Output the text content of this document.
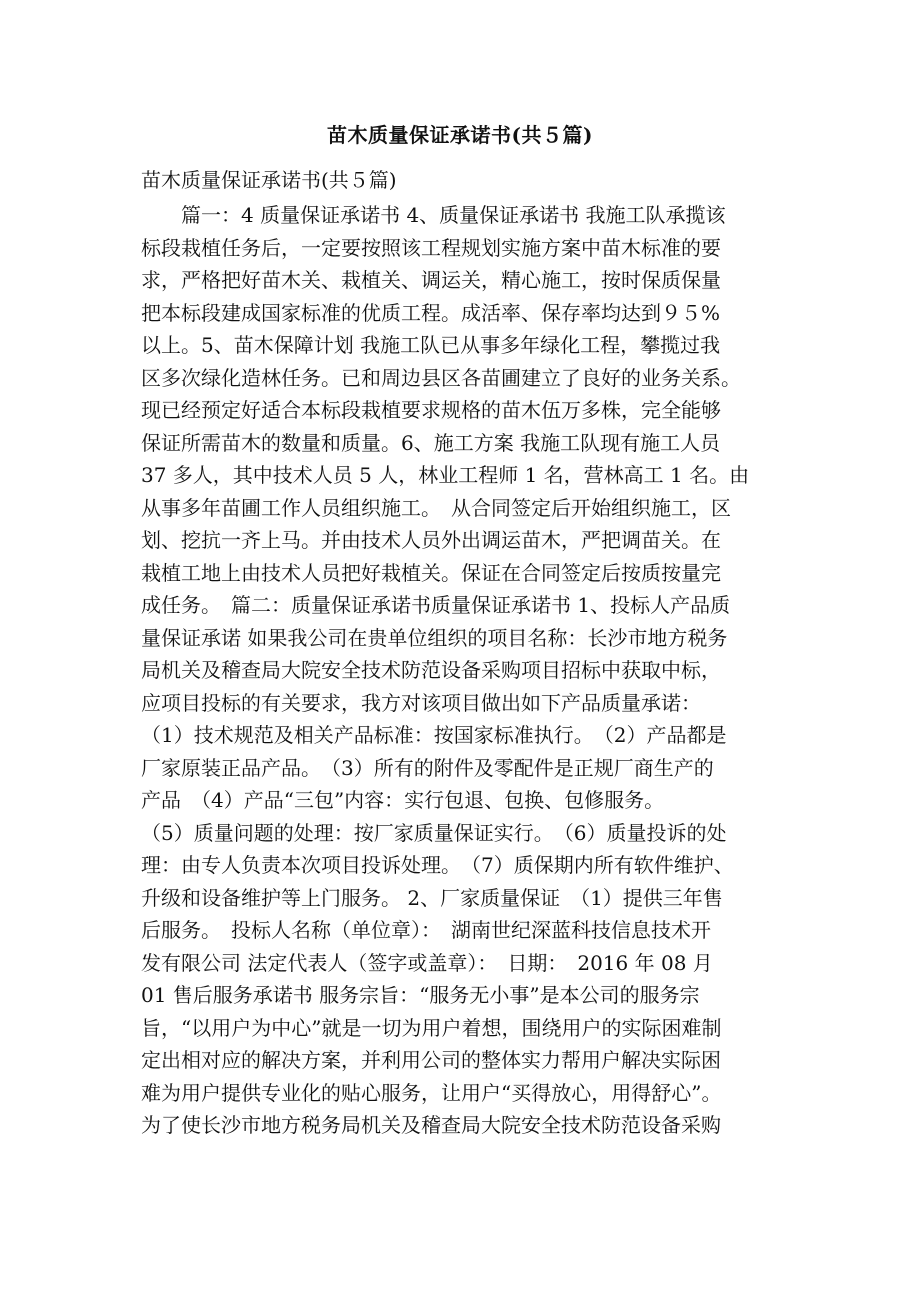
苗木质量保证承诺书(共５篇)
苗木质量保证承诺书(共５篇)
　　篇一：4 质量保证承诺书 4、质量保证承诺书 我施工队承揽该
标段栽植任务后，一定要按照该工程规划实施方案中苗木标准的要
求，严格把好苗木关、栽植关、调运关，精心施工，按时保质保量
把本标段建成国家标准的优质工程。成活率、保存率均达到９５%
以上。5、苗木保障计划 我施工队已从事多年绿化工程，攀揽过我
区多次绿化造林任务。已和周边县区各苗圃建立了良好的业务关系。
现已经预定好适合本标段栽植要求规格的苗木伍万多株，完全能够
保证所需苗木的数量和质量。6、施工方案 我施工队现有施工人员
37 多人，其中技术人员 5 人，林业工程师 1 名，营林高工 1 名。由
从事多年苗圃工作人员组织施工。　从合同签定后开始组织施工，区
划、挖抗一齐上马。并由技术人员外出调运苗木，严把调苗关。在
栽植工地上由技术人员把好栽植关。保证在合同签定后按质按量完
成任务。　篇二：质量保证承诺书质量保证承诺书 1、投标人产品质
量保证承诺 如果我公司在贵单位组织的项目名称：长沙市地方税务
局机关及稽查局大院安全技术防范设备采购项目招标中获取中标，
应项目投标的有关要求，我方对该项目做出如下产品质量承诺：
（1）技术规范及相关产品标准：按国家标准执行。　（2）产品都是
厂家原装正品产品。　（3）所有的附件及零配件是正规厂商生产的
产品　（4）产品“三包”内容：实行包退、包换、包修服务。
（5）质量问题的处理：按厂家质量保证实行。　（6）质量投诉的处
理：由专人负责本次项目投诉处理。　（7）质保期内所有软件维护、
升级和设备维护等上门服务。 2、厂家质量保证　（1）提供三年售
后服务。　投标人名称（单位章）：　湖南世纪深蓝科技信息技术开
发有限公司 法定代表人（签字或盖章）：　日期：　2016 年 08 月
01 售后服务承诺书 服务宗旨：“服务无小事”是本公司的服务宗
旨，“以用户为中心”就是一切为用户着想，围绕用户的实际困难制
定出相对应的解决方案，并利用公司的整体实力帮用户解决实际困
难为用户提供专业化的贴心服务，让用户“买得放心，用得舒心”。
为了使长沙市地方税务局机关及稽查局大院安全技术防范设备采购
